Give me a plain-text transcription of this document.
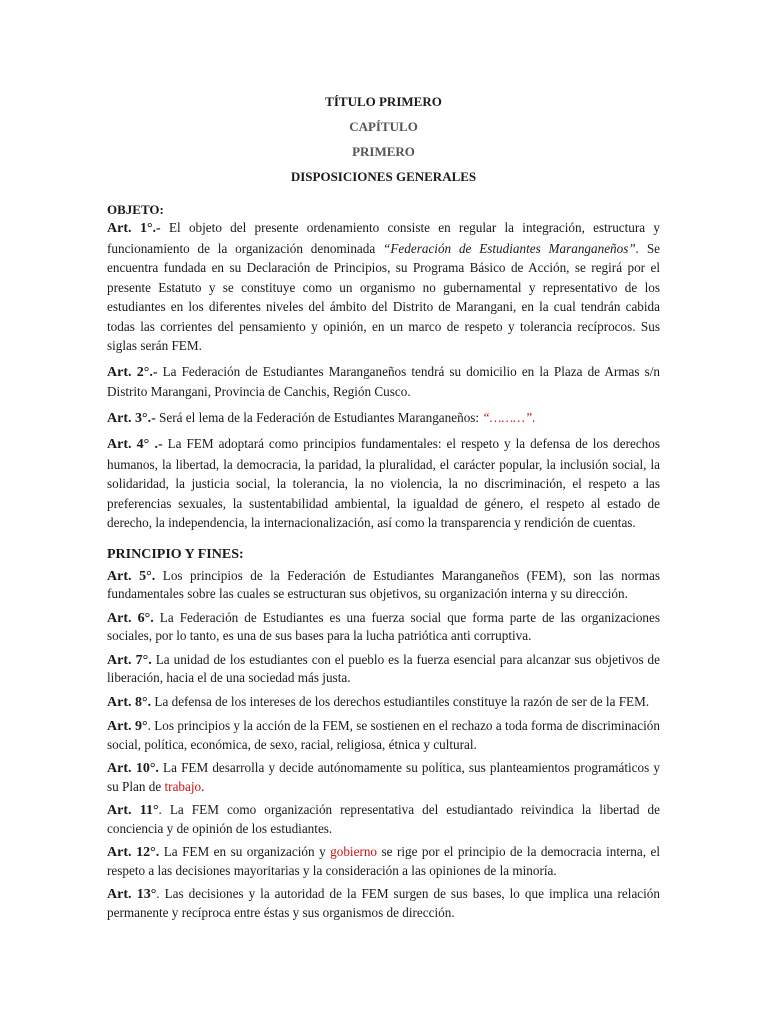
TÍTULO PRIMERO
CAPÍTULO
PRIMERO
DISPOSICIONES GENERALES
OBJETO:

Art. 1°.- El objeto del presente ordenamiento consiste en regular la integración, estructura y funcionamiento de la organización denominada “Federación de Estudiantes Maranganeños”. Se encuentra fundada en su Declaración de Principios, su Programa Básico de Acción, se regirá por el presente Estatuto y se constituye como un organismo no gubernamental y representativo de los estudiantes en los diferentes niveles del ámbito del Distrito de Marangani, en la cual tendrán cabida todas las corrientes del pensamiento y opinión, en un marco de respeto y tolerancia recíprocos. Sus siglas serán FEM.

Art. 2°.- La Federación de Estudiantes Maranganeños tendrá su domicilio en la Plaza de Armas s/n Distrito Marangani, Provincia de Canchis, Región Cusco.

Art. 3°.- Será el lema de la Federación de Estudiantes Maranganeños: “………”.

Art. 4° .- La FEM adoptará como principios fundamentales: el respeto y la defensa de los derechos humanos, la libertad, la democracia, la paridad, la pluralidad, el carácter popular, la inclusión social, la solidaridad, la justicia social, la tolerancia, la no violencia, la no discriminación, el respeto a las preferencias sexuales, la sustentabilidad ambiental, la igualdad de género, el respeto al estado de derecho, la independencia, la internacionalización, así como la transparencia y rendición de cuentas.

PRINCIPIO Y FINES:

Art. 5°. Los principios de la Federación de Estudiantes Maranganeños (FEM), son las normas fundamentales sobre las cuales se estructuran sus objetivos, su organización interna y su dirección.

Art. 6°. La Federación de Estudiantes es una fuerza social que forma parte de las organizaciones sociales, por lo tanto, es una de sus bases para la lucha patriótica anti corruptiva.

Art. 7°. La unidad de los estudiantes con el pueblo es la fuerza esencial para alcanzar sus objetivos de liberación, hacia el de una sociedad más justa.

Art. 8°. La defensa de los intereses de los derechos estudiantiles constituye la razón de ser de la FEM.

Art. 9°. Los principios y la acción de la FEM, se sostienen en el rechazo a toda forma de discriminación social, política, económica, de sexo, racial, religiosa, étnica y cultural.

Art. 10°. La FEM desarrolla y decide autónomamente su política, sus planteamientos programáticos y su Plan de trabajo.

Art. 11°. La FEM como organización representativa del estudiantado reivindica la libertad de conciencia y de opinión de los estudiantes.

Art. 12°. La FEM en su organización y gobierno se rige por el principio de la democracia interna, el respeto a las decisiones mayoritarias y la consideración a las opiniones de la minoría.

Art. 13°. Las decisiones y la autoridad de la FEM surgen de sus bases, lo que implica una relación permanente y recíproca entre éstas y sus organismos de dirección.
